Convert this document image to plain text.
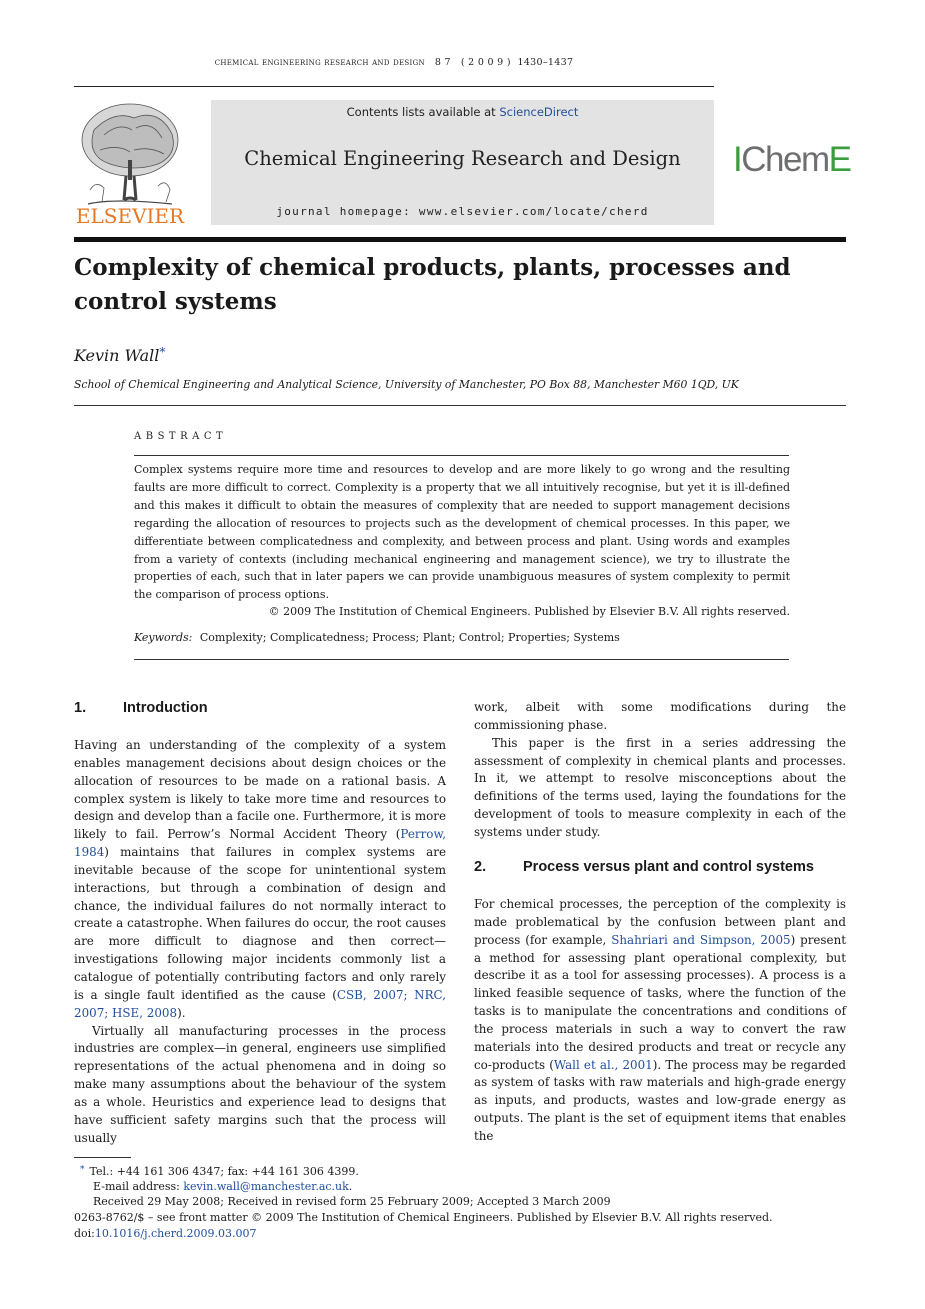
chemical engineering research and design 8 7 ( 2 0 0 9 ) 1430–1437
ELSEVIER
Contents lists available at ScienceDirect
Chemical Engineering Research and Design
journal homepage: www.elsevier.com/locate/cherd
IChemE
Complexity of chemical products, plants, processes and control systems
Kevin Wall*
School of Chemical Engineering and Analytical Science, University of Manchester, PO Box 88, Manchester M60 1QD, UK
ABSTRACT

Complex systems require more time and resources to develop and are more likely to go wrong and the resulting faults are more difficult to correct. Complexity is a property that we all intuitively recognise, but yet it is ill-defined and this makes it difficult to obtain the measures of complexity that are needed to support management decisions regarding the allocation of resources to projects such as the development of chemical processes. In this paper, we differentiate between complicatedness and complexity, and between process and plant. Using words and examples from a variety of contexts (including mechanical engineering and management science), we try to illustrate the properties of each, such that in later papers we can provide unambiguous measures of system complexity to permit the comparison of process options.

© 2009 The Institution of Chemical Engineers. Published by Elsevier B.V. All rights reserved.
Keywords: Complexity; Complicatedness; Process; Plant; Control; Properties; Systems
1.	Introduction

Having an understanding of the complexity of a system enables management decisions about design choices or the allocation of resources to be made on a rational basis. A complex system is likely to take more time and resources to design and develop than a facile one. Furthermore, it is more likely to fail. Perrow’s Normal Accident Theory (Perrow, 1984) maintains that failures in complex systems are inevitable because of the scope for unintentional system interactions, but through a combination of design and chance, the individual failures do not normally interact to create a catastrophe. When failures do occur, the root causes are more difficult to diagnose and then correct—investigations following major incidents commonly list a catalogue of potentially contributing factors and only rarely is a single fault identified as the cause (CSB, 2007; NRC, 2007; HSE, 2008).

Virtually all manufacturing processes in the process industries are complex—in general, engineers use simplified representations of the actual phenomena and in doing so make many assumptions about the behaviour of the system as a whole. Heuristics and experience lead to designs that have sufficient safety margins such that the process will usually

work, albeit with some modifications during the commissioning phase.

This paper is the first in a series addressing the assessment of complexity in chemical plants and processes. In it, we attempt to resolve misconceptions about the definitions of the terms used, laying the foundations for the development of tools to measure complexity in each of the systems under study.

2.	Process versus plant and control systems

For chemical processes, the perception of the complexity is made problematical by the confusion between plant and process (for example, Shahriari and Simpson, 2005) present a method for assessing plant operational complexity, but describe it as a tool for assessing processes). A process is a linked feasible sequence of tasks, where the function of the tasks is to manipulate the concentrations and conditions of the process materials in such a way to convert the raw materials into the desired products and treat or recycle any co-products (Wall et al., 2001). The process may be regarded as system of tasks with raw materials and high-grade energy as inputs, and products, wastes and low-grade energy as outputs. The plant is the set of equipment items that enables the

* Tel.: +44 161 306 4347; fax: +44 161 306 4399.
E-mail address: kevin.wall@manchester.ac.uk.
Received 29 May 2008; Received in revised form 25 February 2009; Accepted 3 March 2009
0263-8762/$ – see front matter © 2009 The Institution of Chemical Engineers. Published by Elsevier B.V. All rights reserved.
doi:10.1016/j.cherd.2009.03.007
